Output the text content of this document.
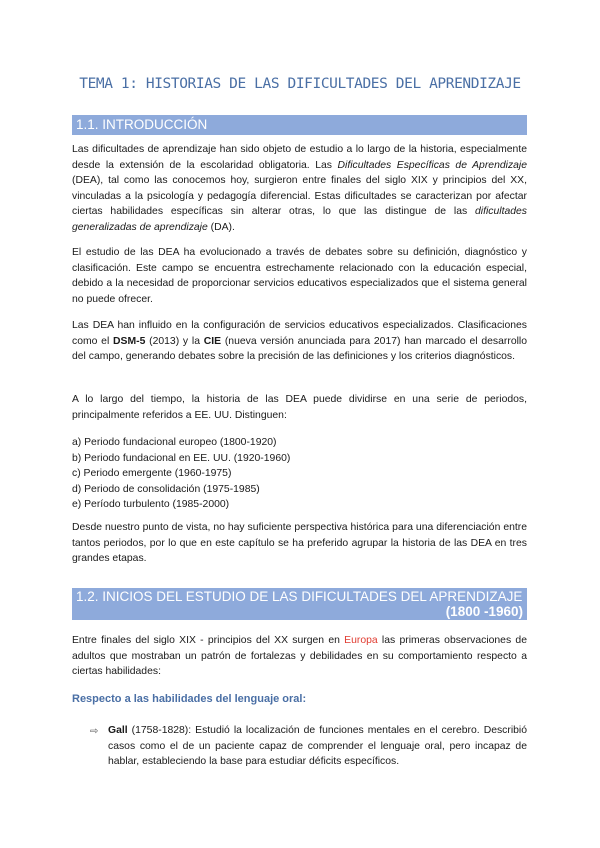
TEMA 1: HISTORIAS DE LAS DIFICULTADES DEL APRENDIZAJE
1.1. INTRODUCCIÓN
Las dificultades de aprendizaje han sido objeto de estudio a lo largo de la historia, especialmente desde la extensión de la escolaridad obligatoria. Las Dificultades Específicas de Aprendizaje (DEA), tal como las conocemos hoy, surgieron entre finales del siglo XIX y principios del XX, vinculadas a la psicología y pedagogía diferencial. Estas dificultades se caracterizan por afectar ciertas habilidades específicas sin alterar otras, lo que las distingue de las dificultades generalizadas de aprendizaje (DA).
El estudio de las DEA ha evolucionado a través de debates sobre su definición, diagnóstico y clasificación. Este campo se encuentra estrechamente relacionado con la educación especial, debido a la necesidad de proporcionar servicios educativos especializados que el sistema general no puede ofrecer.
Las DEA han influido en la configuración de servicios educativos especializados. Clasificaciones como el DSM-5 (2013) y la CIE (nueva versión anunciada para 2017) han marcado el desarrollo del campo, generando debates sobre la precisión de las definiciones y los criterios diagnósticos.
A lo largo del tiempo, la historia de las DEA puede dividirse en una serie de periodos, principalmente referidos a EE. UU. Distinguen:
a) Periodo fundacional europeo (1800-1920)
b) Periodo fundacional en EE. UU. (1920-1960)
c) Periodo emergente (1960-1975)
d) Periodo de consolidación (1975-1985)
e) Período turbulento (1985-2000)
Desde nuestro punto de vista, no hay suficiente perspectiva histórica para una diferenciación entre tantos periodos, por lo que en este capítulo se ha preferido agrupar la historia de las DEA en tres grandes etapas.
1.2. INICIOS DEL ESTUDIO DE LAS DIFICULTADES DEL APRENDIZAJE
(1800 -1960)
Entre finales del siglo XIX - principios del XX surgen en Europa las primeras observaciones de adultos que mostraban un patrón de fortalezas y debilidades en su comportamiento respecto a ciertas habilidades:
Respecto a las habilidades del lenguaje oral:
⇨ Gall (1758-1828): Estudió la localización de funciones mentales en el cerebro. Describió casos como el de un paciente capaz de comprender el lenguaje oral, pero incapaz de hablar, estableciendo la base para estudiar déficits específicos.
